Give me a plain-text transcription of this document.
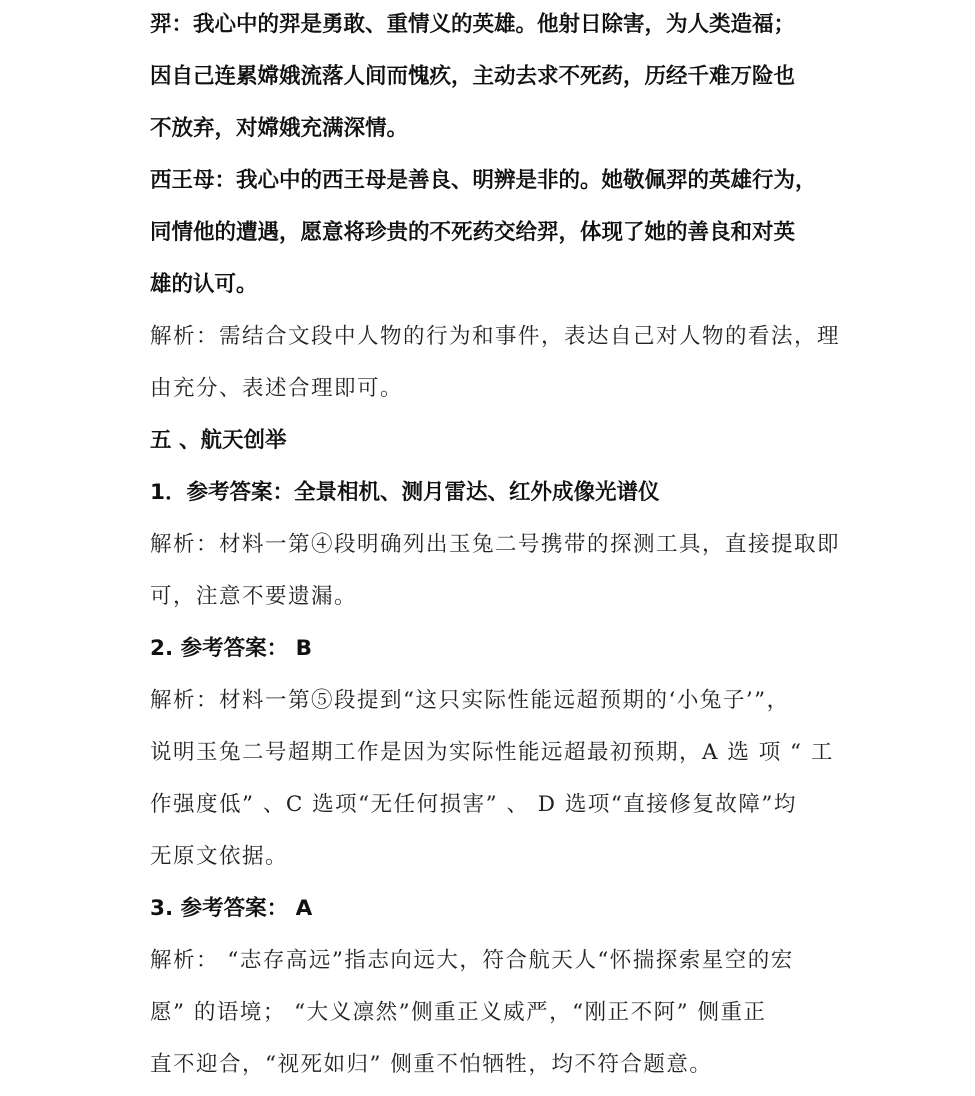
羿：我心中的羿是勇敢、重情义的英雄。他射日除害，为人类造福；
因自己连累嫦娥流落人间而愧疚，主动去求不死药，历经千难万险也
不放弃，对嫦娥充满深情。
西王母：我心中的西王母是善良、明辨是非的。她敬佩羿的英雄行为，
同情他的遭遇，愿意将珍贵的不死药交给羿，体现了她的善良和对英
雄的认可。
解析：需结合文段中人物的行为和事件，表达自己对人物的看法，理
由充分、表述合理即可。
五 、航天创举
1．参考答案：全景相机、测月雷达、红外成像光谱仪
解析：材料一第④段明确列出玉兔二号携带的探测工具，直接提取即
可，注意不要遗漏。
2. 参考答案： B
解析：材料一第⑤段提到“这只实际性能远超预期的‘小兔子’”，
说明玉兔二号超期工作是因为实际性能远超最初预期，A 选 项 “ 工
作强度低” 、C 选项“无任何损害” 、 D 选项“直接修复故障”均
无原文依据。
3. 参考答案： A
解析： “志存高远”指志向远大，符合航天人“怀揣探索星空的宏
愿” 的语境； “大义凛然”侧重正义威严，“刚正不阿” 侧重正
直不迎合，“视死如归” 侧重不怕牺牲，均不符合题意。
